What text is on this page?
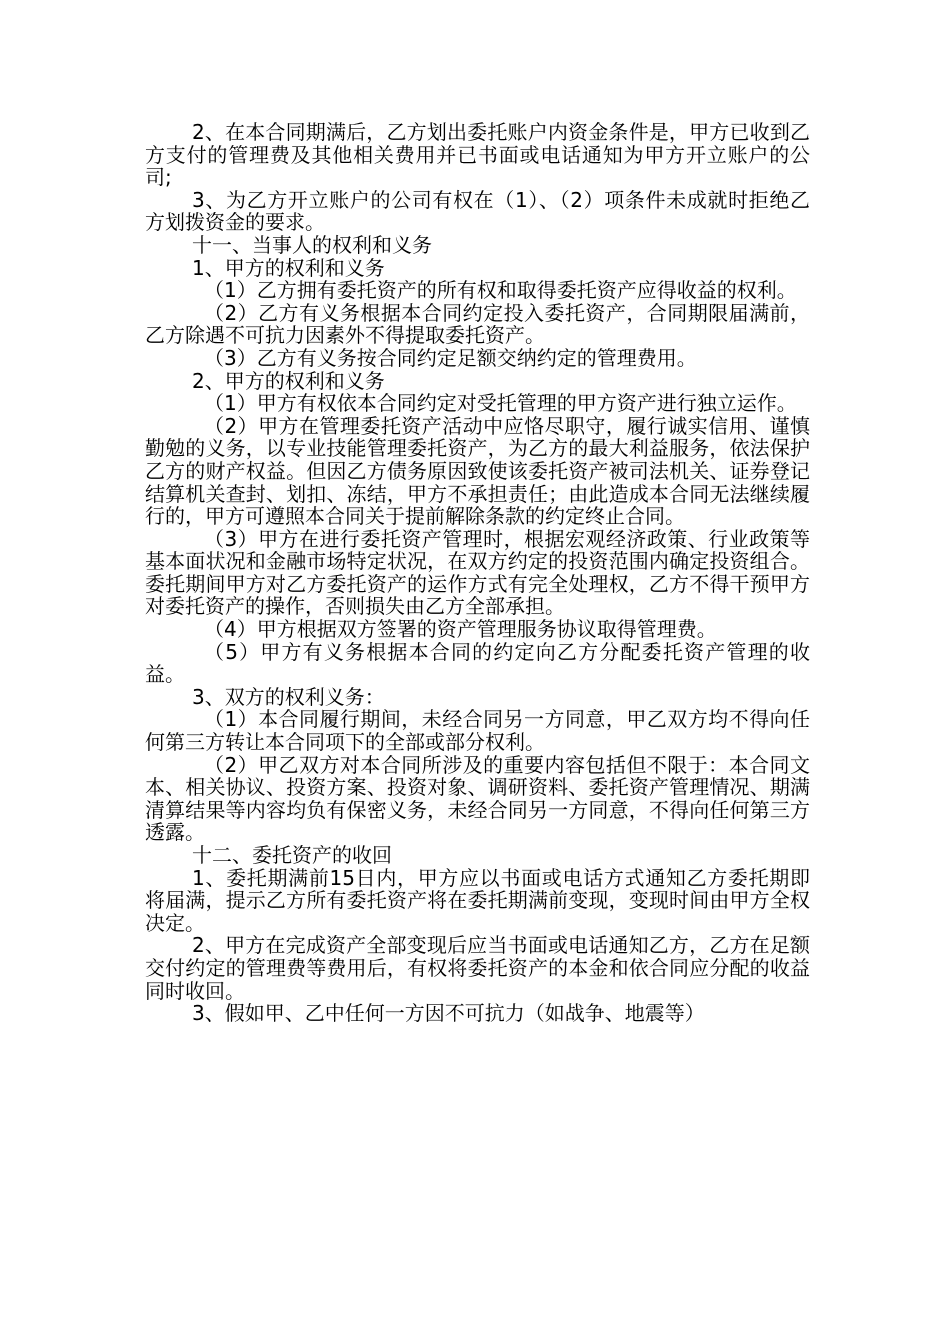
2、在本合同期满后，乙方划出委托账户内资金条件是，甲方已收到乙方支付的管理费及其他相关费用并已书面或电话通知为甲方开立账户的公司;

3、为乙方开立账户的公司有权在（1）、（2）项条件未成就时拒绝乙方划拨资金的要求。

十一、当事人的权利和义务

1、甲方的权利和义务

（1）乙方拥有委托资产的所有权和取得委托资产应得收益的权利。

（2）乙方有义务根据本合同约定投入委托资产，合同期限届满前，乙方除遇不可抗力因素外不得提取委托资产。

（3）乙方有义务按合同约定足额交纳约定的管理费用。

2、甲方的权利和义务

（1）甲方有权依本合同约定对受托管理的甲方资产进行独立运作。

（2）甲方在管理委托资产活动中应恪尽职守，履行诚实信用、谨慎勤勉的义务，以专业技能管理委托资产，为乙方的最大利益服务，依法保护乙方的财产权益。但因乙方债务原因致使该委托资产被司法机关、证券登记结算机关查封、划扣、冻结，甲方不承担责任；由此造成本合同无法继续履行的，甲方可遵照本合同关于提前解除条款的约定终止合同。

（3）甲方在进行委托资产管理时，根据宏观经济政策、行业政策等基本面状况和金融市场特定状况，在双方约定的投资范围内确定投资组合。委托期间甲方对乙方委托资产的运作方式有完全处理权，乙方不得干预甲方对委托资产的操作，否则损失由乙方全部承担。

（4）甲方根据双方签署的资产管理服务协议取得管理费。

（5）甲方有义务根据本合同的约定向乙方分配委托资产管理的收益。

3、双方的权利义务：

（1）本合同履行期间，未经合同另一方同意，甲乙双方均不得向任何第三方转让本合同项下的全部或部分权利。

（2）甲乙双方对本合同所涉及的重要内容包括但不限于：本合同文本、相关协议、投资方案、投资对象、调研资料、委托资产管理情况、期满清算结果等内容均负有保密义务，未经合同另一方同意，不得向任何第三方透露。

十二、委托资产的收回

1、委托期满前15日内，甲方应以书面或电话方式通知乙方委托期即将届满，提示乙方所有委托资产将在委托期满前变现，变现时间由甲方全权决定。

2、甲方在完成资产全部变现后应当书面或电话通知乙方，乙方在足额交付约定的管理费等费用后，有权将委托资产的本金和依合同应分配的收益同时收回。

3、假如甲、乙中任何一方因不可抗力（如战争、地震等）
